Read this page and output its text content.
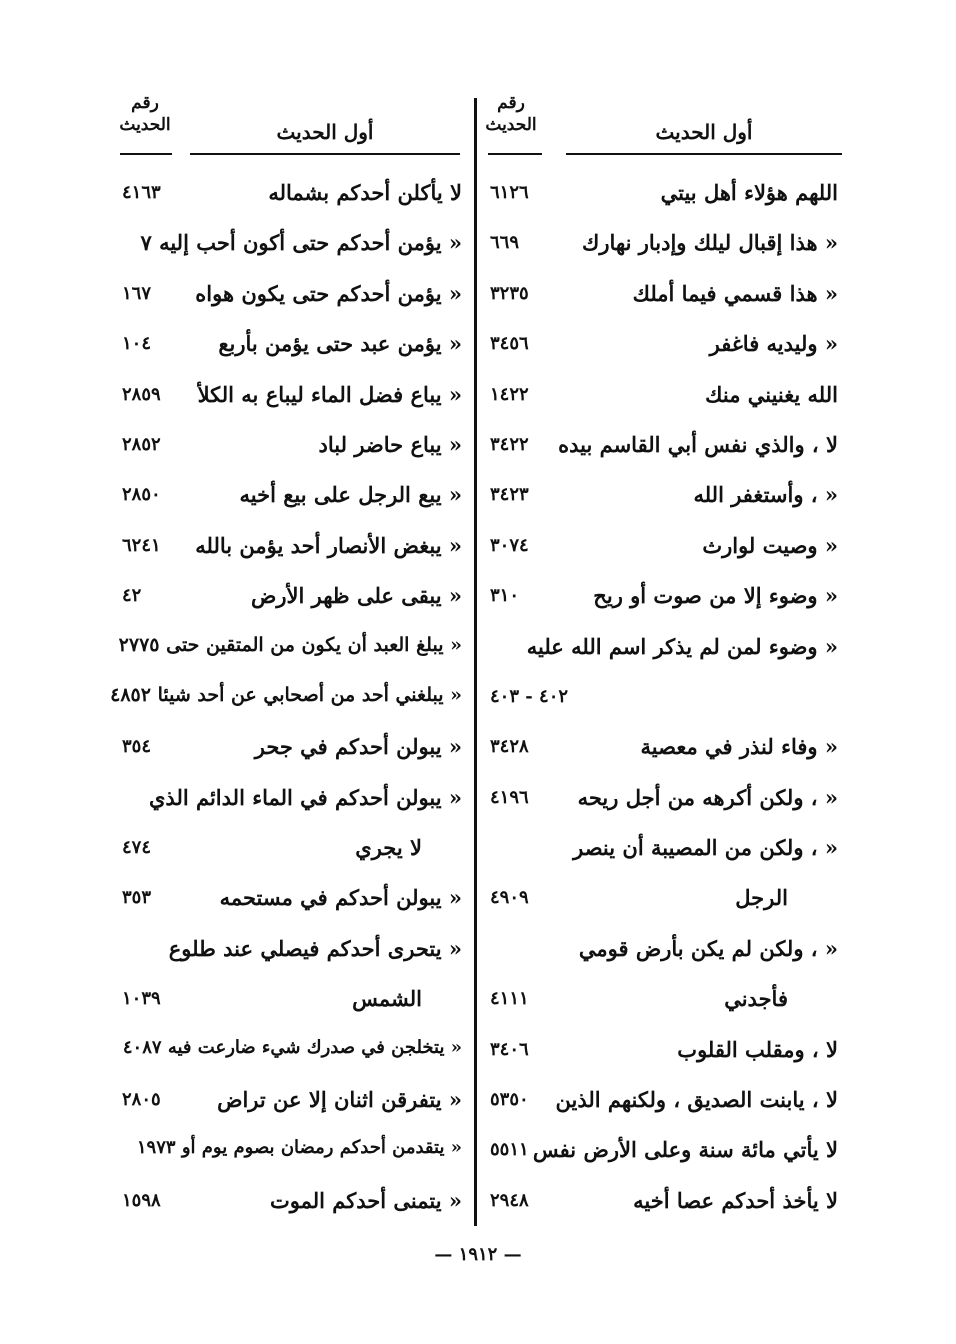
رقم
الحديث	أول الحديث
رقم
الحديث	أول الحديث
اللهم هؤلاء أهل بيتي
٦١٢٦
« هذا إقبال ليلك وإدبار نهارك
٦٦٩
« هذا قسمي فيما أملك
٣٢٣٥
« وليديه فاغفر
٣٤٥٦
الله يغنيني منك
١٤٢٢
لا ، والذي نفس أبي القاسم بيده
٣٤٢٢
« ، وأستغفر الله
٣٤٢٣
« وصيت لوارث
٣٠٧٤
« وضوء إلا من صوت أو ريح
٣١٠
« وضوء لمن لم يذكر اسم الله عليه
٤٠٢ - ٤٠٣
« وفاء لنذر في معصية
٣٤٢٨
« ، ولكن أكرهه من أجل ريحه
٤١٩٦
« ، ولكن من المصيبة أن ينصر
الرجل
٤٩٠٩
« ، ولكن لم يكن بأرض قومي
فأجدني
٤١١١
لا ، ومقلب القلوب
٣٤٠٦
لا ، يابنت الصديق ، ولكنهم الذين
٥٣٥٠
لا يأتي مائة سنة وعلى الأرض نفس
٥٥١١
لا يأخذ أحدكم عصا أخيه
٢٩٤٨
لا يأكلن أحدكم بشماله
٤١٦٣
« يؤمن أحدكم حتى أكون أحب إليه ٧
« يؤمن أحدكم حتى يكون هواه
١٦٧
« يؤمن عبد حتى يؤمن بأربع
١٠٤
« يباع فضل الماء ليباع به الكلأ
٢٨٥٩
« يباع حاضر لباد
٢٨٥٢
« يبع الرجل على بيع أخيه
٢٨٥٠
« يبغض الأنصار أحد يؤمن بالله
٦٢٤١
« يبقى على ظهر الأرض
٤٢
« يبلغ العبد أن يكون من المتقين حتى ٢٧٧٥
« يبلغني أحد من أصحابي عن أحد شيئا ٤٨٥٢
« يبولن أحدكم في جحر
٣٥٤
« يبولن أحدكم في الماء الدائم الذي
لا يجري
٤٧٤
« يبولن أحدكم في مستحمه
٣٥٣
« يتحرى أحدكم فيصلي عند طلوع
الشمس
١٠٣٩
« يتخلجن في صدرك شيء ضارعت فيه ٤٠٨٧
« يتفرقن اثنان إلا عن تراض
٢٨٠٥
« يتقدمن أحدكم رمضان بصوم يوم أو ١٩٧٣
« يتمنى أحدكم الموت
١٥٩٨
— ١٩١٢ —
